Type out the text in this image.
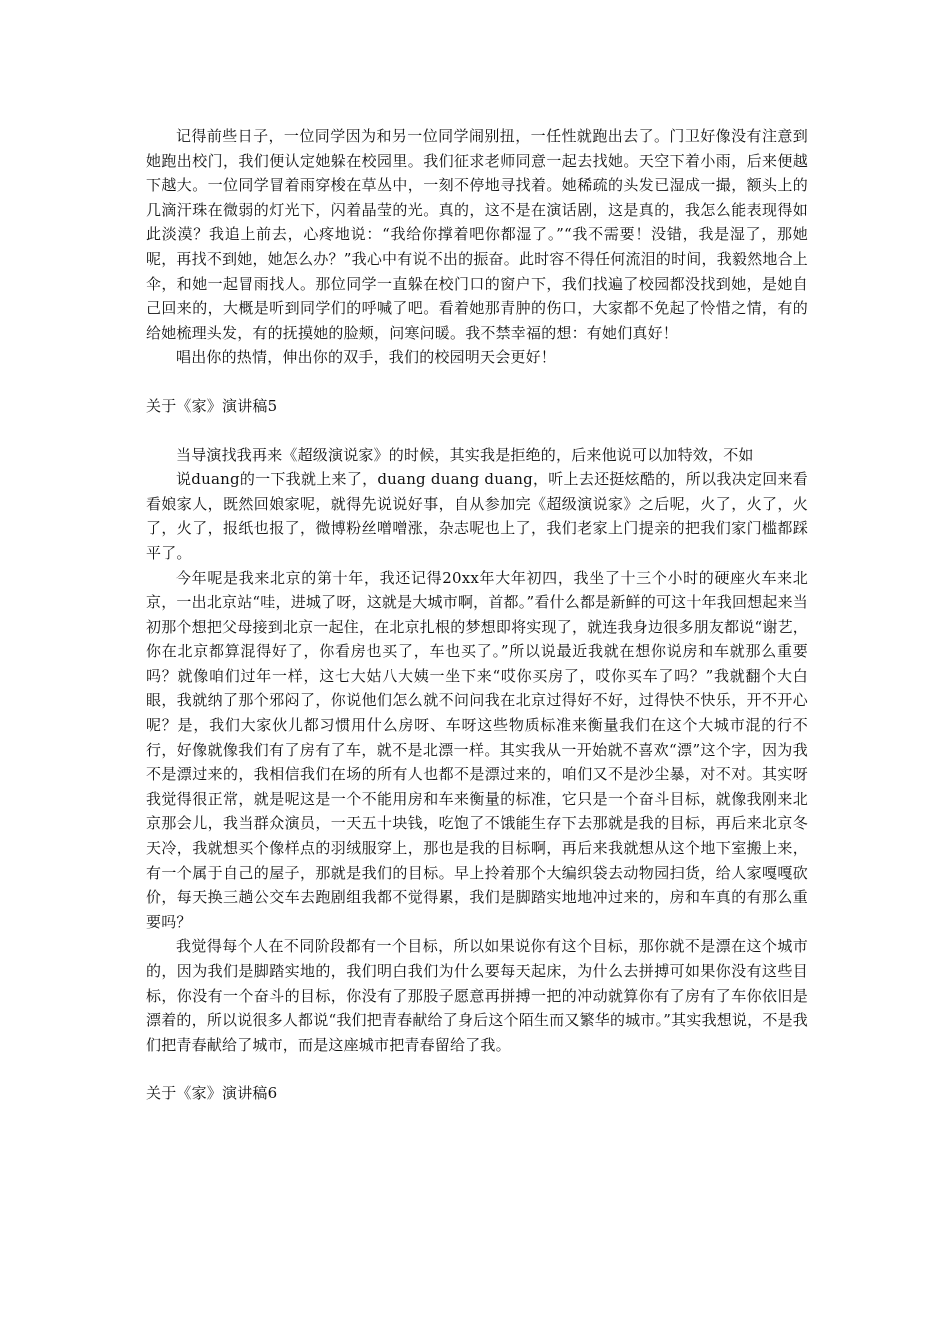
记得前些日子，一位同学因为和另一位同学闹别扭，一任性就跑出去了。门卫好像没有注意到她跑出校门，我们便认定她躲在校园里。我们征求老师同意一起去找她。天空下着小雨，后来便越下越大。一位同学冒着雨穿梭在草丛中，一刻不停地寻找着。她稀疏的头发已湿成一撮，额头上的几滴汗珠在微弱的灯光下，闪着晶莹的光。真的，这不是在演话剧，这是真的，我怎么能表现得如此淡漠？我追上前去，心疼地说：“我给你撑着吧你都湿了。”“我不需要！没错，我是湿了，那她呢，再找不到她，她怎么办？”我心中有说不出的振奋。此时容不得任何流泪的时间，我毅然地合上伞，和她一起冒雨找人。那位同学一直躲在校门口的窗户下，我们找遍了校园都没找到她，是她自己回来的，大概是听到同学们的呼喊了吧。看着她那青肿的伤口，大家都不免起了怜惜之情，有的给她梳理头发，有的抚摸她的脸颊，问寒问暖。我不禁幸福的想：有她们真好！

唱出你的热情，伸出你的双手，我们的校园明天会更好！

关于《家》演讲稿5

当导演找我再来《超级演说家》的时候，其实我是拒绝的，后来他说可以加特效，不如

说duang的一下我就上来了，duang duang duang，听上去还挺炫酷的，所以我决定回来看看娘家人，既然回娘家呢，就得先说说好事，自从参加完《超级演说家》之后呢，火了，火了，火了，火了，报纸也报了，微博粉丝噌噌涨，杂志呢也上了，我们老家上门提亲的把我们家门槛都踩平了。

今年呢是我来北京的第十年，我还记得20xx年大年初四，我坐了十三个小时的硬座火车来北京，一出北京站“哇，进城了呀，这就是大城市啊，首都。”看什么都是新鲜的可这十年我回想起来当初那个想把父母接到北京一起住，在北京扎根的梦想即将实现了，就连我身边很多朋友都说“谢艺，你在北京都算混得好了，你看房也买了，车也买了。”所以说最近我就在想你说房和车就那么重要吗？就像咱们过年一样，这七大姑八大姨一坐下来“哎你买房了，哎你买车了吗？”我就翻个大白眼，我就纳了那个邪闷了，你说他们怎么就不问问我在北京过得好不好，过得快不快乐，开不开心呢？是，我们大家伙儿都习惯用什么房呀、车呀这些物质标准来衡量我们在这个大城市混的行不行，好像就像我们有了房有了车，就不是北漂一样。其实我从一开始就不喜欢“漂”这个字，因为我不是漂过来的，我相信我们在场的所有人也都不是漂过来的，咱们又不是沙尘暴，对不对。其实呀我觉得很正常，就是呢这是一个不能用房和车来衡量的标准，它只是一个奋斗目标，就像我刚来北京那会儿，我当群众演员，一天五十块钱，吃饱了不饿能生存下去那就是我的目标，再后来北京冬天冷，我就想买个像样点的羽绒服穿上，那也是我的目标啊，再后来我就想从这个地下室搬上来，有一个属于自己的屋子，那就是我们的目标。早上拎着那个大编织袋去动物园扫货，给人家嘎嘎砍价，每天换三趟公交车去跑剧组我都不觉得累，我们是脚踏实地地冲过来的，房和车真的有那么重要吗？

我觉得每个人在不同阶段都有一个目标，所以如果说你有这个目标，那你就不是漂在这个城市的，因为我们是脚踏实地的，我们明白我们为什么要每天起床，为什么去拼搏可如果你没有这些目标，你没有一个奋斗的目标，你没有了那股子愿意再拼搏一把的冲动就算你有了房有了车你依旧是漂着的，所以说很多人都说“我们把青春献给了身后这个陌生而又繁华的城市。”其实我想说，不是我们把青春献给了城市，而是这座城市把青春留给了我。

关于《家》演讲稿6
